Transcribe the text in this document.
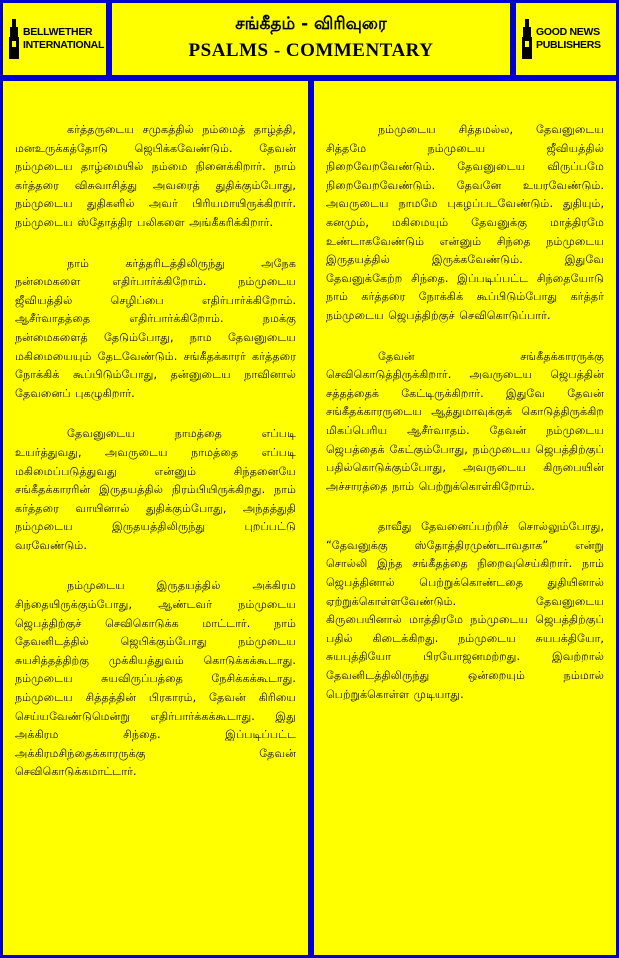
BELLWETHER INTERNATIONAL
சங்கீதம் - விரிவுரை
PSALMS - COMMENTARY
GOOD NEWS PUBLISHERS

கர்த்தருடைய சமுகத்தில் நம்மைத் தாழ்த்தி, மனஉருக்கத்தோடு ஜெபிக்கவேண்டும். தேவன் நம்முடைய தாழ்மையில் நம்மை நினைக்கிறார். நாம் கர்த்தரை விசுவாசித்து அவரைத் துதிக்கும்போது, நம்முடைய துதிகளில் அவர் பிரியமாயிருக்கிறார். நம்முடைய ஸ்தோத்திர பலிகளை அங்கீகரிக்கிறார்.

நாம் கர்த்தரிடத்திலிருந்து அநேக நன்மைகளை எதிர்பார்க்கிறோம். நம்முடைய ஜீவியத்தில் செழிப்பை எதிர்பார்க்கிறோம். ஆசீர்வாதத்தை எதிர்பார்க்கிறோம். நமக்கு நன்மைகளைத் தேடும்போது, நாம தேவனுடைய மகிமையையும் தேடவேண்டும். சங்கீதக்காரர் கர்த்தரை நோக்கிக் கூப்பிடும்போது, தன்னுடைய நாவினால் தேவனைப் புகழுகிறார்.

தேவனுடைய நாமத்தை எப்படி உயர்த்துவது, அவருடைய நாமத்தை எப்படி மகிமைப்படுத்துவது என்னும் சிந்தனையே சங்கீதக்காரரின் இருதயத்தில் நிரம்பியிருக்கிறது. நாம் கர்த்தரை வாயினால் துதிக்கும்போது, அந்தத்துதி நம்முடைய இருதயத்திலிருந்து புறப்பட்டு வரவேண்டும்.

நம்முடைய இருதயத்தில் அக்கிரம சிந்தையிருக்கும்போது, ஆண்டவர் நம்முடைய ஜெபத்திற்குச் செவிகொடுக்க மாட்டார். நாம் தேவனிடத்தில் ஜெபிக்கும்போது நம்முடைய சுயசித்தத்திற்கு முக்கியத்துவம் கொடுக்கக்கூடாது. நம்முடைய சுயவிருப்பத்தை நேசிக்கக்கூடாது. நம்முடைய சித்தத்தின் பிரகாரம், தேவன் கிரியை செய்யவேண்டுமென்று எதிர்பார்க்கக்கூடாது. இது அக்கிரம சிந்தை. இப்படிப்பட்ட அக்கிரமசிந்தைக்காரருக்கு தேவன் செவிகொடுக்கமாட்டார்.

நம்முடைய சித்தமல்ல, தேவனுடைய சித்தமே நம்முடைய ஜீவியத்தில் நிறைவேறவேண்டும். தேவனுடைய விருப்பமே நிறைவேறவேண்டும். தேவனே உயரவேண்டும். அவருடைய நாமமே புகழப்படவேண்டும். துதியும், கனமும், மகிமையும் தேவனுக்கு மாத்திரமே உண்டாகவேண்டும் என்னும் சிந்தை நம்முடைய இருதயத்தில் இருக்கவேண்டும். இதுவே தேவனுக்கேற்ற சிந்தை. இப்படிப்பட்ட சிந்தையோடு நாம் கர்த்தரை நோக்கிக் கூப்பிடும்போது கர்த்தர் நம்முடைய ஜெபத்திற்குச் செவிகொடுப்பார்.

தேவன் சங்கீதக்காரருக்கு செவிகொடுத்திருக்கிறார். அவருடைய ஜெபத்தின் சத்தத்தைக் கேட்டிருக்கிறார். இதுவே தேவன் சங்கீதக்காரருடைய ஆத்துமாவுக்குக் கொடுத்திருக்கிற மிகப்பெரிய ஆசீர்வாதம். தேவன் நம்முடைய ஜெபத்தைக் கேட்கும்போது, நம்முடைய ஜெபத்திற்குப் பதில்கொடுக்கும்போது, அவருடைய கிருபையின் அச்சாரத்தை நாம் பெற்றுக்கொள்கிறோம்.

தாவீது தேவனைப்பற்றிச் சொல்லும்போது, “தேவனுக்கு ஸ்தோத்திரமுண்டாவதாக” என்று சொல்லி இந்த சங்கீதத்தை நிறைவுசெய்கிறார். நாம் ஜெபத்தினால் பெற்றுக்கொண்டதை துதியினால் ஏற்றுக்கொள்ளவேண்டும். தேவனுடைய கிருபையினால் மாத்திரமே நம்முடைய ஜெபத்திற்குப் பதில் கிடைக்கிறது. நம்முடைய சுயபக்தியோ, சுயபுத்தியோ பிரயோஜனமற்றது. இவற்றால் தேவனிடத்திலிருந்து ஒன்றையும் நம்மால் பெற்றுக்கொள்ள முடியாது.
